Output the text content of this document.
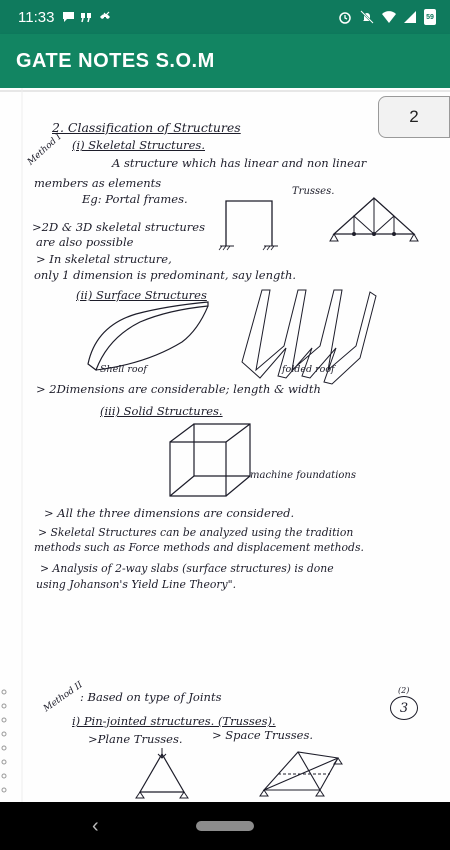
11:33	59
GATE NOTES S.O.M
2
2. Classification of Structures
Method I (i) Skeletal Structures.
A structure which has linear and non linear
members as elements
Eg: Portal frames.
Trusses.
>2D & 3D skeletal structures
are also possible
> In skeletal structure,
only 1 dimension is predominant, say length.
(ii) Surface Structures
Shell roof	folded roof
> 2Dimensions are considerable; length & width
(iii) Solid Structures.
machine foundations
> All the three dimensions are considered.
> Skeletal Structures can be analyzed using the tradition
methods such as Force methods and displacement methods.
> Analysis of 2-way slabs (surface structures) is done
using Johanson's Yield Line Theory".
Method II
: Based on type of Joints	(2)
3
i) Pin-jointed structures. (Trusses).
>Plane Trusses.	> Space Trusses.
‹
